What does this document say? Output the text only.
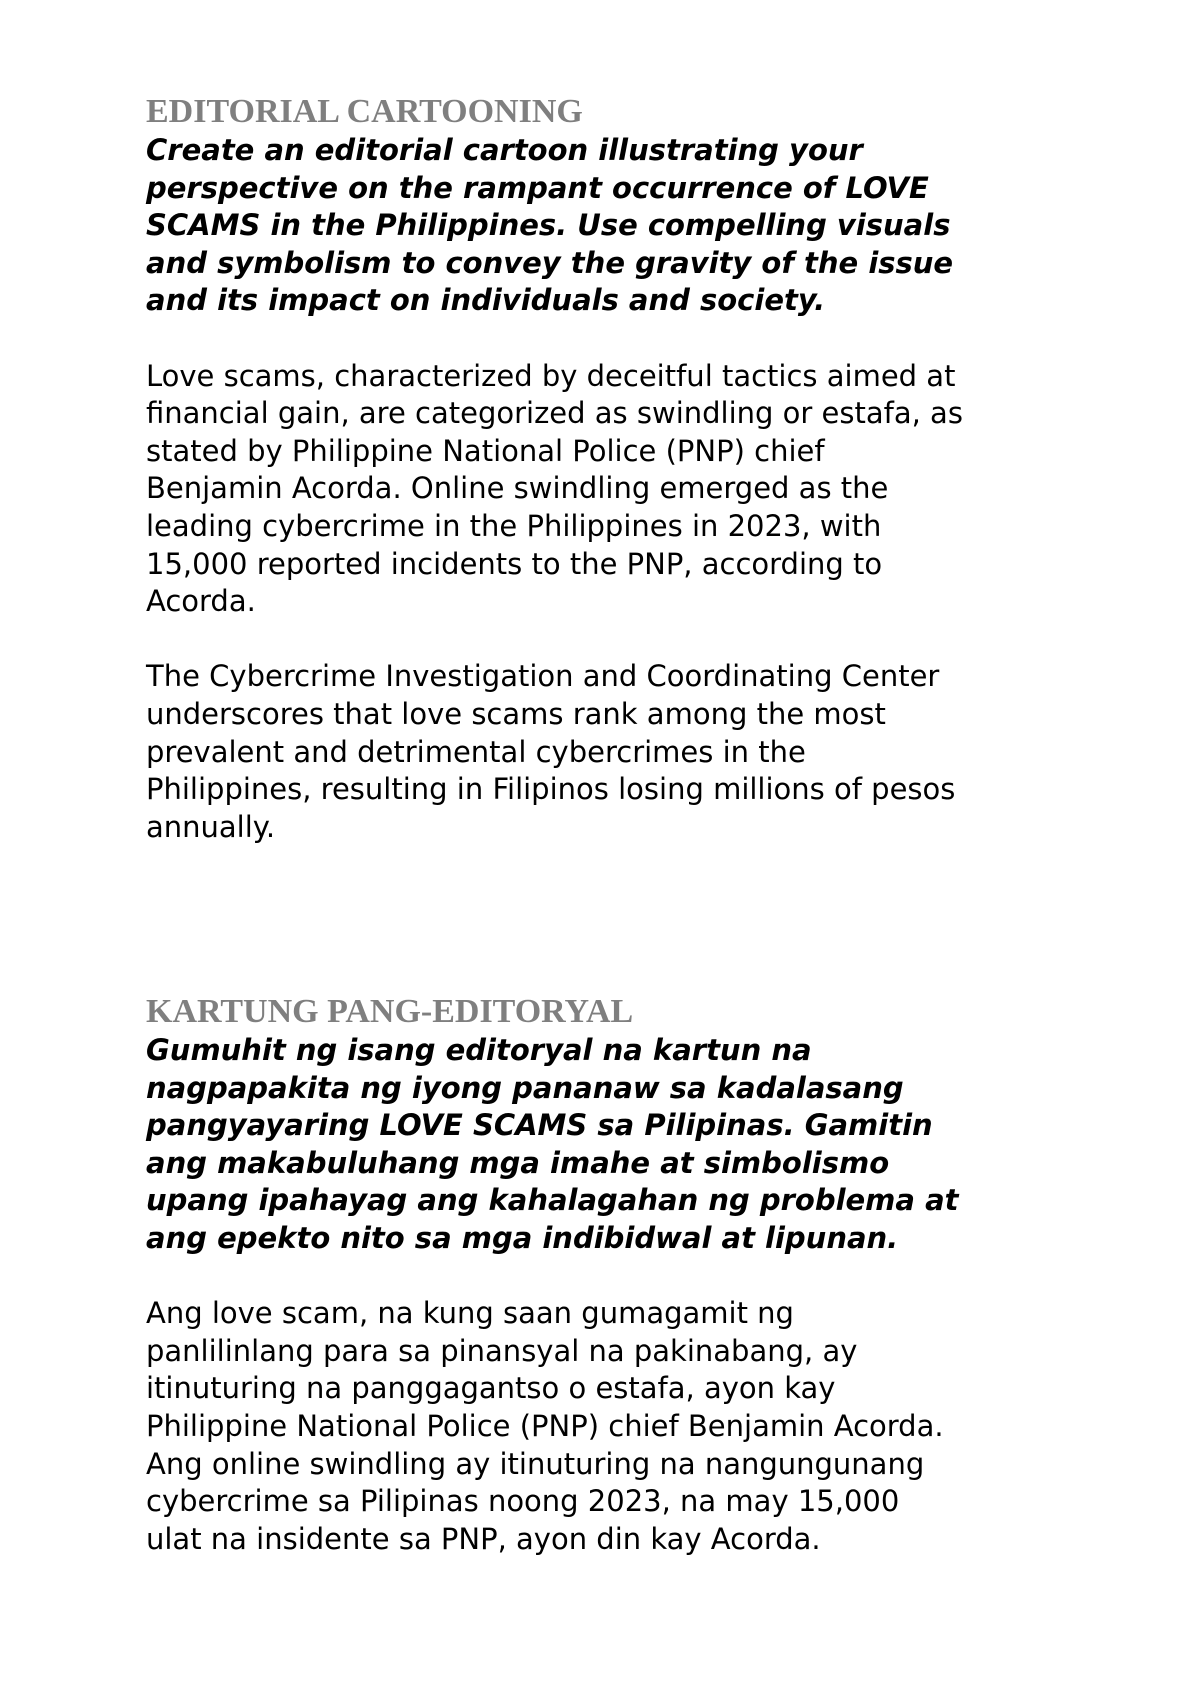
EDITORIAL CARTOONING

Create an editorial cartoon illustrating your
perspective on the rampant occurrence of LOVE
SCAMS in the Philippines. Use compelling visuals
and symbolism to convey the gravity of the issue
and its impact on individuals and society.

Love scams, characterized by deceitful tactics aimed at
financial gain, are categorized as swindling or estafa, as
stated by Philippine National Police (PNP) chief
Benjamin Acorda. Online swindling emerged as the
leading cybercrime in the Philippines in 2023, with
15,000 reported incidents to the PNP, according to
Acorda.

The Cybercrime Investigation and Coordinating Center
underscores that love scams rank among the most
prevalent and detrimental cybercrimes in the
Philippines, resulting in Filipinos losing millions of pesos
annually.

KARTUNG PANG-EDITORYAL

Gumuhit ng isang editoryal na kartun na
nagpapakita ng iyong pananaw sa kadalasang
pangyayaring LOVE SCAMS sa Pilipinas. Gamitin
ang makabuluhang mga imahe at simbolismo
upang ipahayag ang kahalagahan ng problema at
ang epekto nito sa mga indibidwal at lipunan.

Ang love scam, na kung saan gumagamit ng
panlilinlang para sa pinansyal na pakinabang, ay
itinuturing na panggagantso o estafa, ayon kay
Philippine National Police (PNP) chief Benjamin Acorda.
Ang online swindling ay itinuturing na nangungunang
cybercrime sa Pilipinas noong 2023, na may 15,000
ulat na insidente sa PNP, ayon din kay Acorda.
